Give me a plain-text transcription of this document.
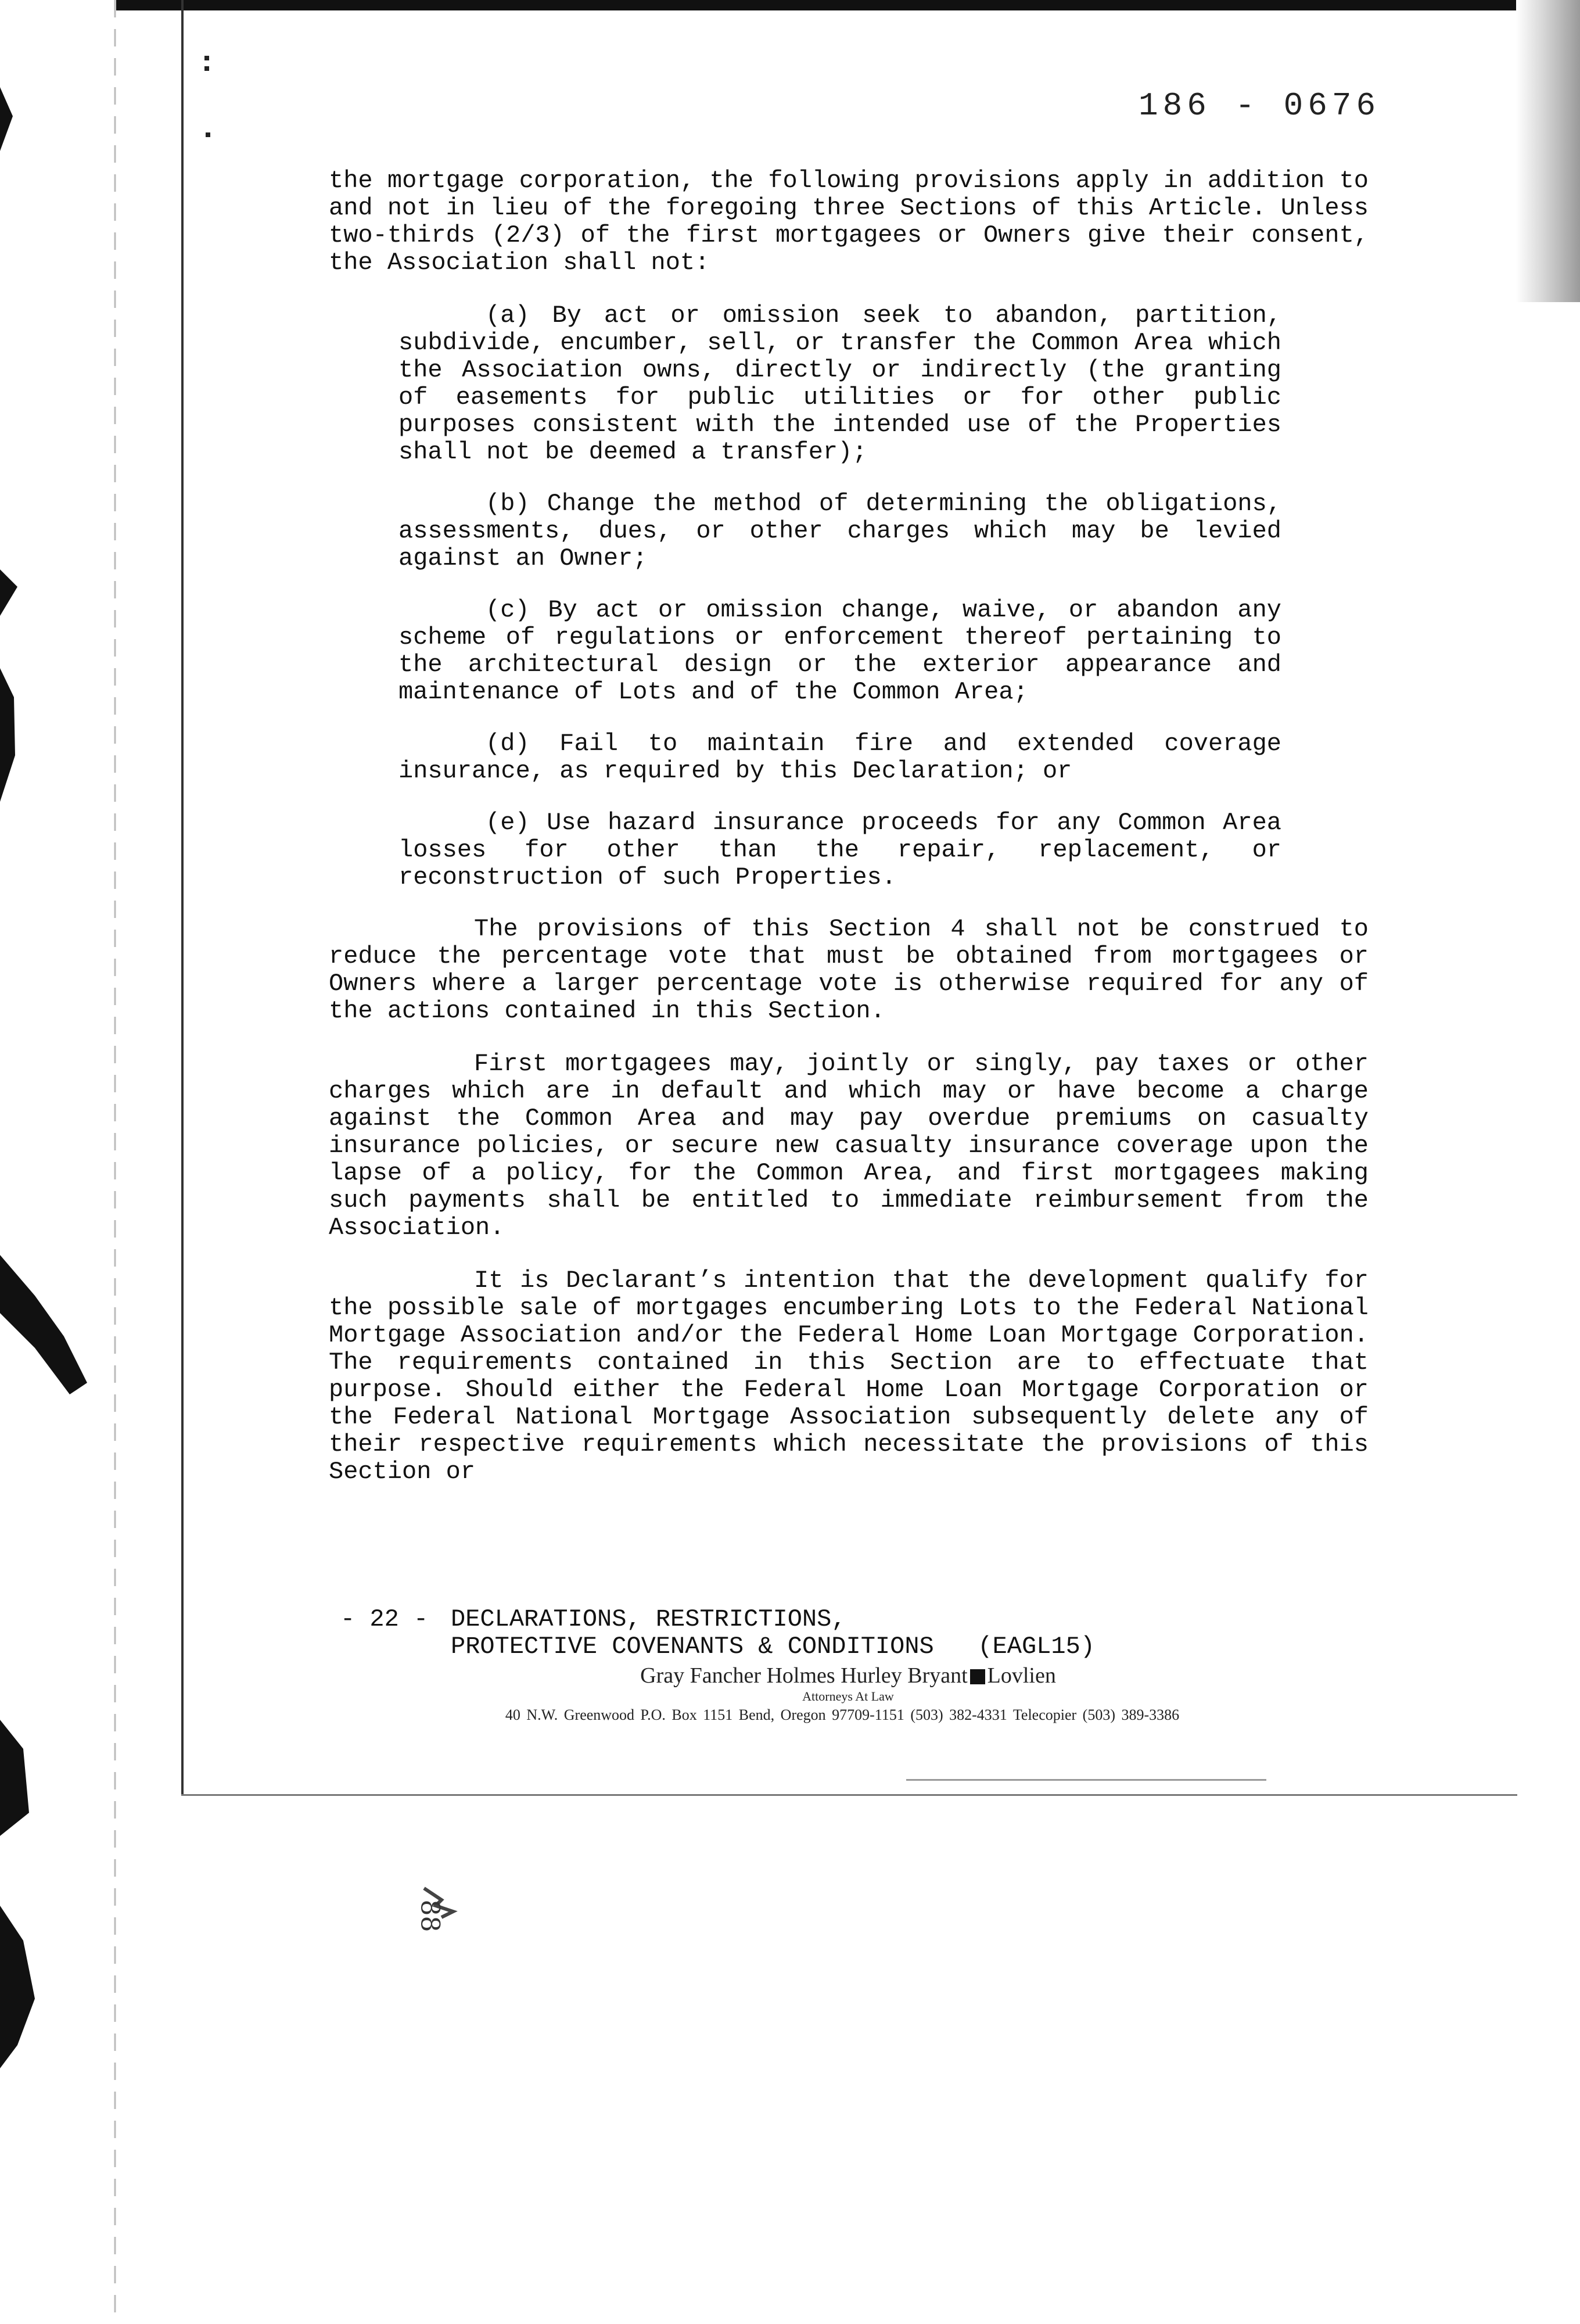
186 - 0676

the mortgage corporation, the following provisions apply in addition to and not in lieu of the foregoing three Sections of this Article. Unless two-thirds (2/3) of the first mortgagees or Owners give their consent, the Association shall not:

(a) By act or omission seek to abandon, partition, subdivide, encumber, sell, or transfer the Common Area which the Association owns, directly or indirectly (the granting of easements for public utilities or for other public purposes consistent with the intended use of the Properties shall not be deemed a transfer);

(b) Change the method of determining the obligations, assessments, dues, or other charges which may be levied against an Owner;

(c) By act or omission change, waive, or abandon any scheme of regulations or enforcement thereof pertaining to the architectural design or the exterior appearance and maintenance of Lots and of the Common Area;

(d) Fail to maintain fire and extended coverage insurance, as required by this Declaration; or

(e) Use hazard insurance proceeds for any Common Area losses for other than the repair, replacement, or reconstruction of such Properties.

The provisions of this Section 4 shall not be construed to reduce the percentage vote that must be obtained from mortgagees or Owners where a larger percentage vote is otherwise required for any of the actions contained in this Section.

First mortgagees may, jointly or singly, pay taxes or other charges which are in default and which may or have become a charge against the Common Area and may pay overdue premiums on casualty insurance policies, or secure new casualty insurance coverage upon the lapse of a policy, for the Common Area, and first mortgagees making such payments shall be entitled to immediate reimbursement from the Association.

It is Declarant’s intention that the development qualify for the possible sale of mortgages encumbering Lots to the Federal National Mortgage Association and/or the Federal Home Loan Mortgage Corporation. The requirements contained in this Section are to effectuate that purpose. Should either the Federal Home Loan Mortgage Corporation or the Federal National Mortgage Association subsequently delete any of their respective requirements which necessitate the provisions of this Section or

- 22 - DECLARATIONS, RESTRICTIONS,
PROTECTIVE COVENANTS & CONDITIONS (EAGL15)
Gray Fancher Holmes Hurley Bryant Lovlien
Attorneys At Law
40 N.W. Greenwood P.O. Box 1151 Bend, Oregon 97709-1151 (503) 382-4331 Telecopier (503) 389-3386
88
